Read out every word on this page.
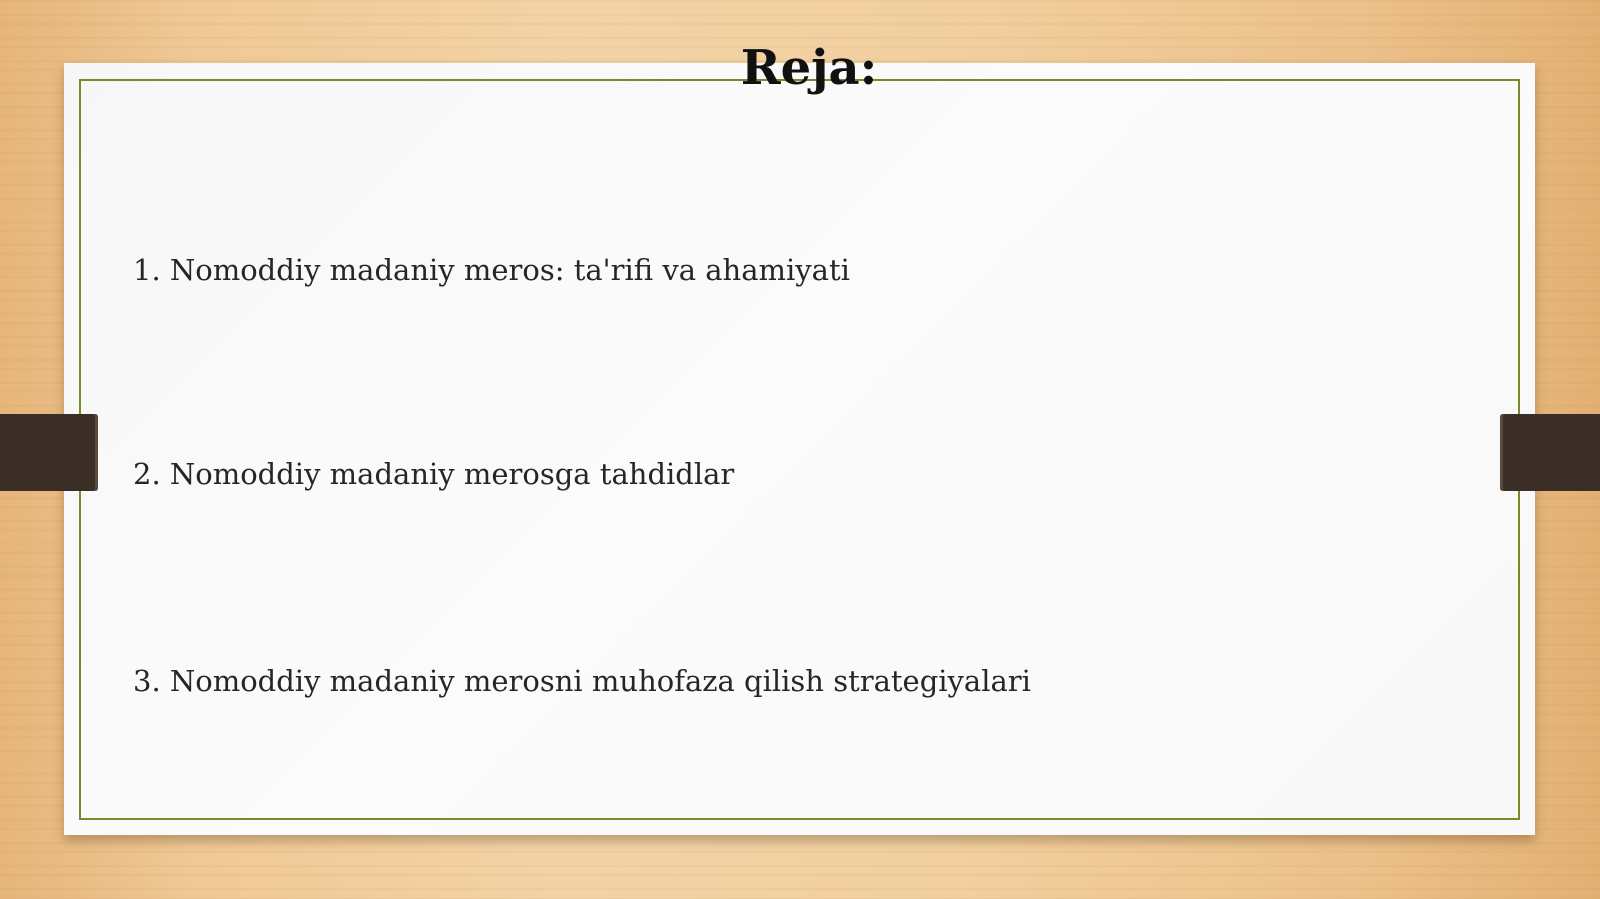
Reja:
1. Nomoddiy madaniy meros: ta'rifi va ahamiyati
2. Nomoddiy madaniy merosga tahdidlar
3. Nomoddiy madaniy merosni muhofaza qilish strategiyalari
